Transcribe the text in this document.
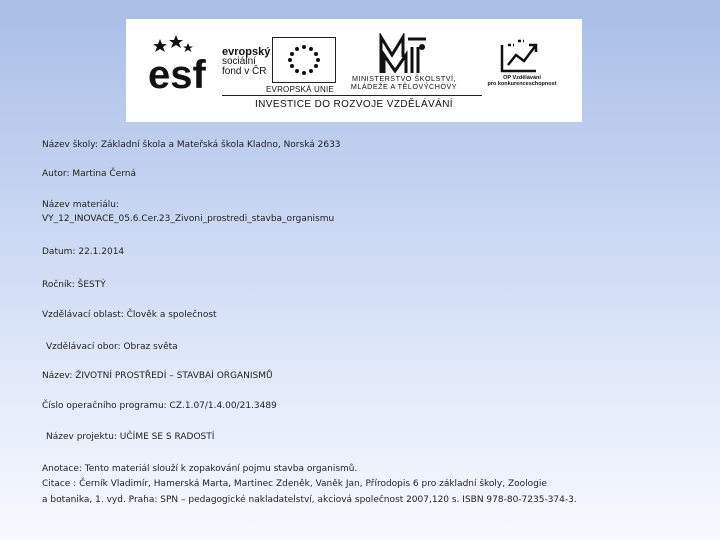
esf
evropský
sociální
fond v ČR
EVROPSKÁ UNIE
MINISTERSTVO ŠKOLSTVÍ,
MLÁDEŽE A TĚLOVÝCHOVY
OP Vzdělávání
pro konkurenceschopnost
INVESTICE DO ROZVOJE VZDĚLÁVÁNÍ
Název školy: Základní škola a Mateřská škola Kladno, Norská 2633
Autor: Martina Černá
Název materiálu:
VY_12_INOVACE_05.6.Cer.23_Zivoni_prostredi_stavba_organismu
Datum: 22.1.2014
Ročník: ŠESTÝ
Vzdělávací oblast: Člověk a společnost
Vzdělávací obor: Obraz světa
Název: ŽIVOTNÍ PROSTŘEDÍ – STAVBAÍ ORGANISMŮ
Číslo operačního programu: CZ.1.07/1.4.00/21.3489
Název projektu: UČÍME SE S RADOSTÍ
Anotace: Tento materiál slouží k zopakování pojmu stavba organismů.
Citace : Černík Vladimír, Hamerská Marta, Martinec Zdeněk, Vaněk Jan, Přírodopis 6 pro základní školy, Zoologie
a botanika, 1. vyd. Praha: SPN – pedagogické nakladatelství, akciová společnost 2007,120 s. ISBN 978-80-7235-374-3.
